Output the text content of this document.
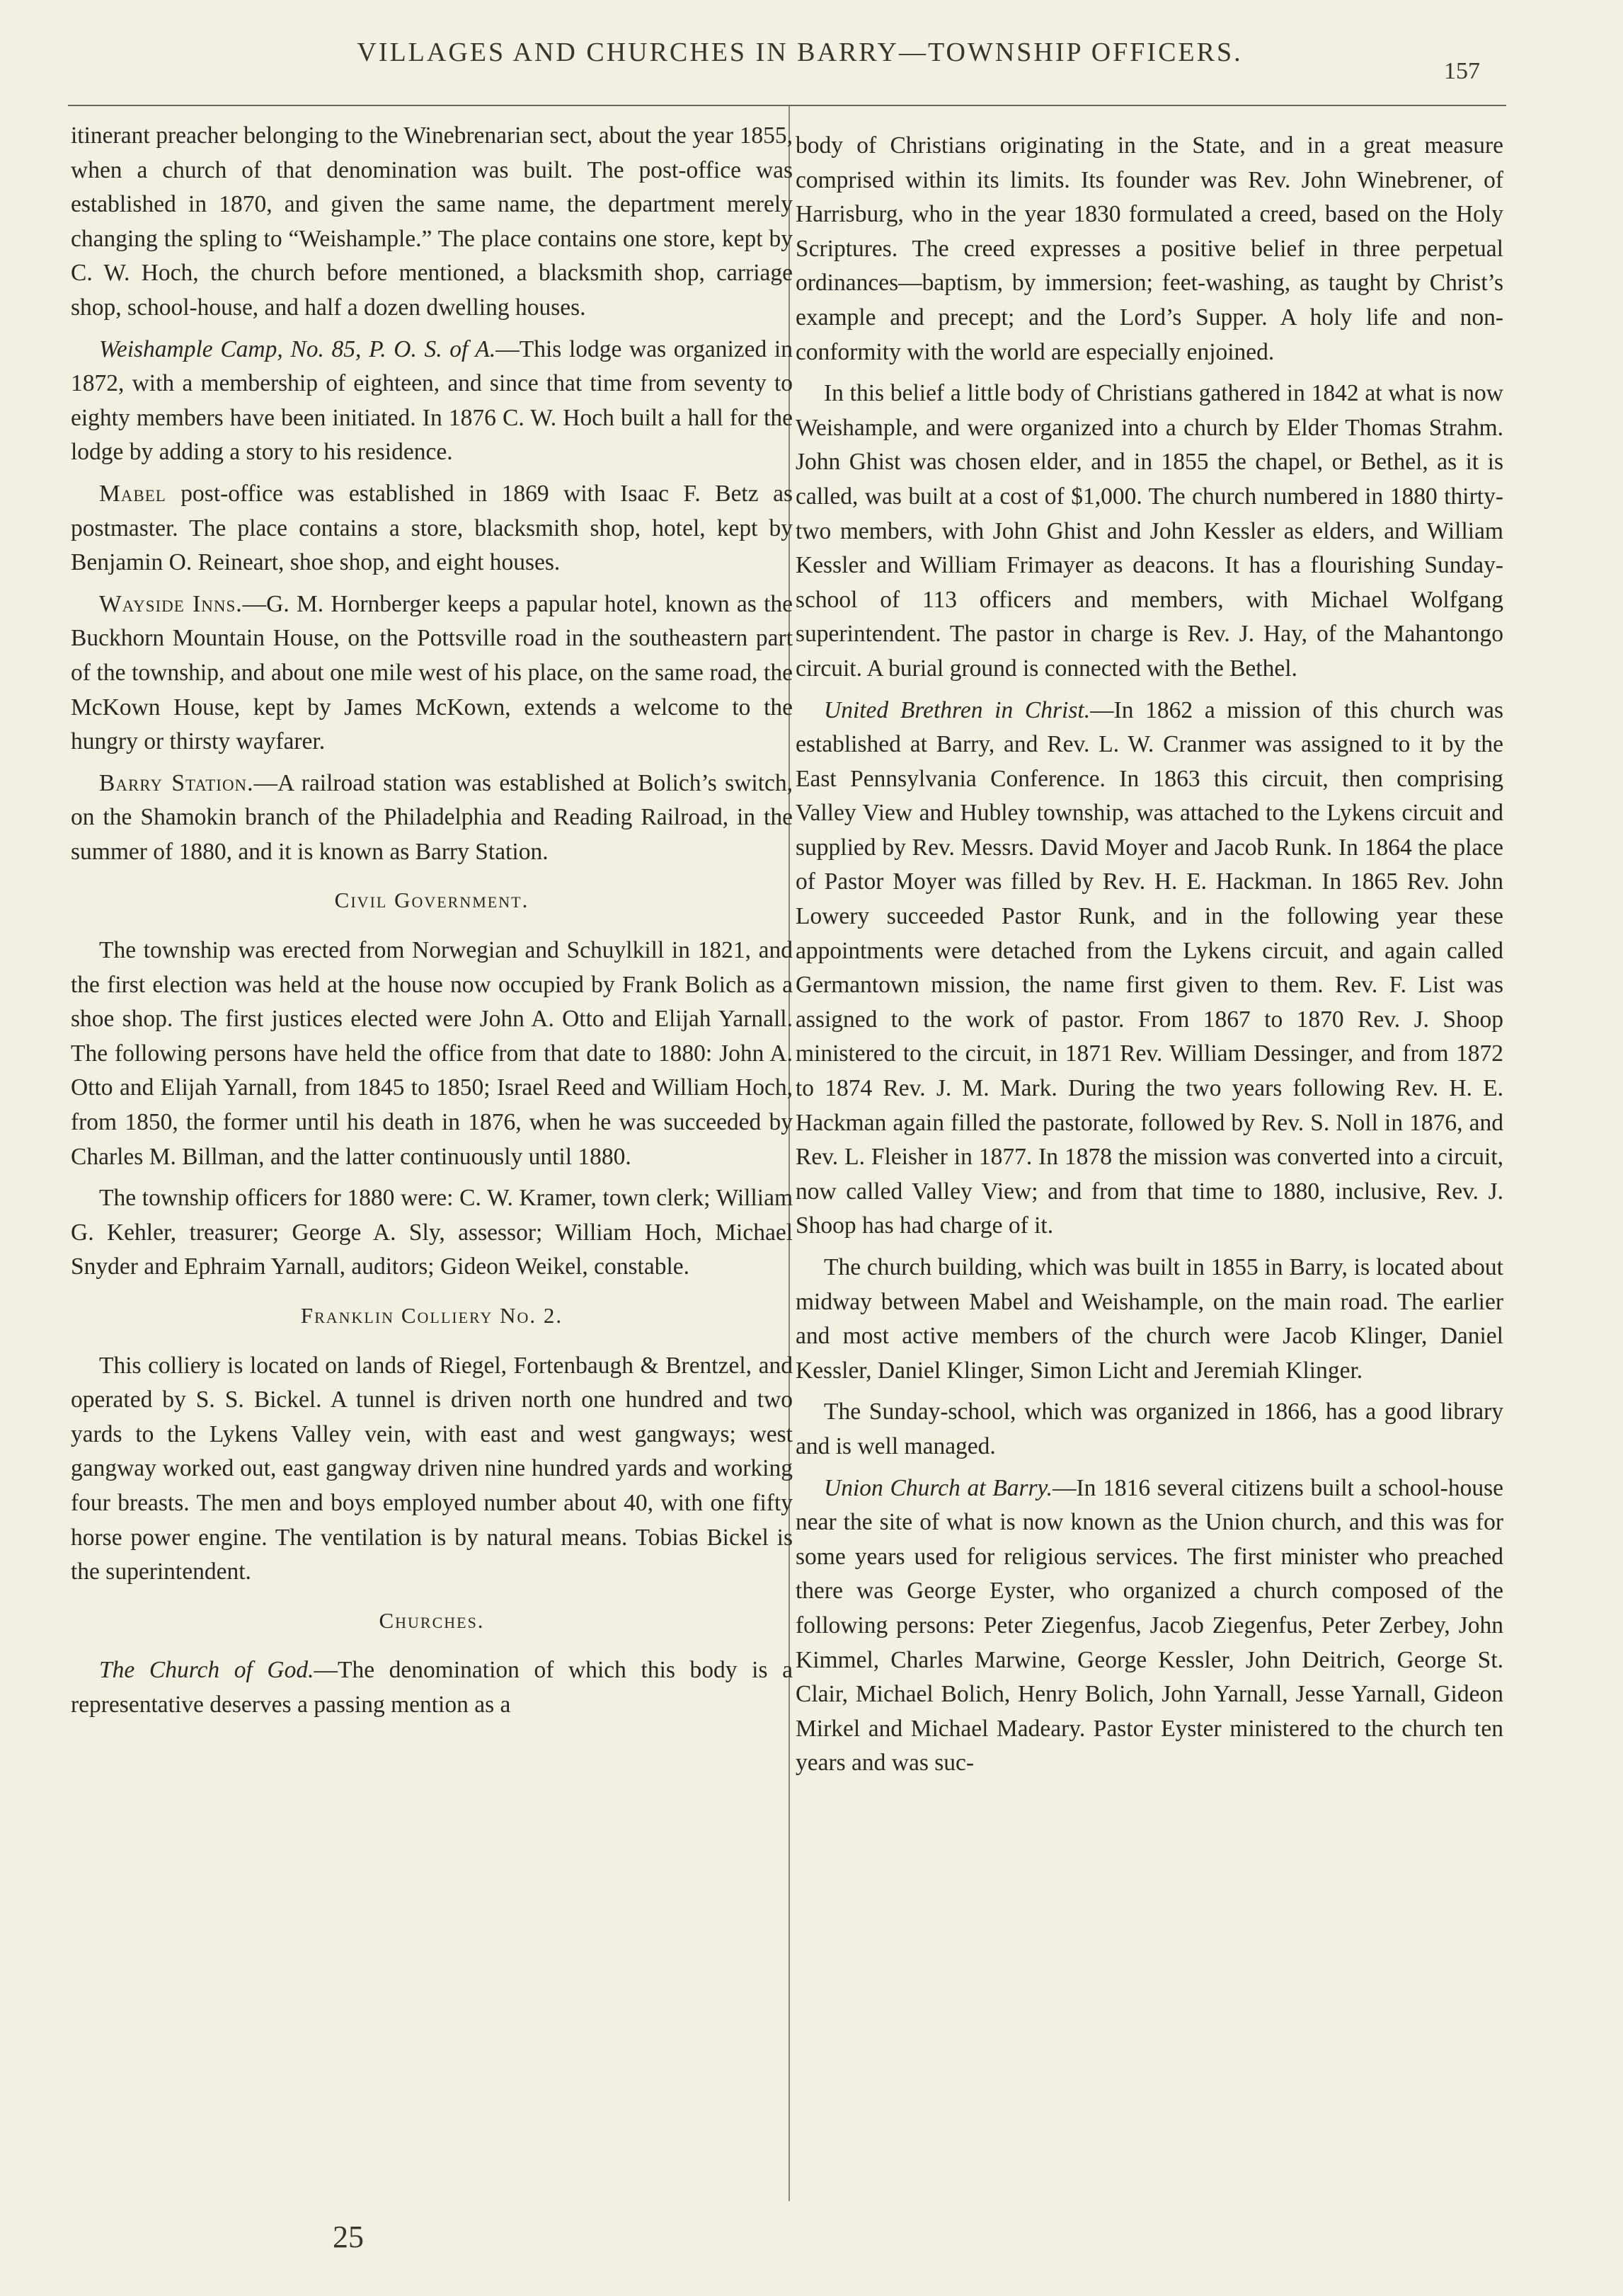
VILLAGES AND CHURCHES IN BARRY—TOWNSHIP OFFICERS.
157

itinerant preacher belonging to the Winebrenarian sect, about the year 1855, when a church of that denomination was built. The post-office was established in 1870, and given the same name, the department merely changing the spling to “Weishample.” The place contains one store, kept by C. W. Hoch, the church before mentioned, a blacksmith shop, carriage shop, school-house, and half a dozen dwelling houses.

Weishample Camp, No. 85, P. O. S. of A.—This lodge was organized in 1872, with a membership of eighteen, and since that time from seventy to eighty members have been initiated. In 1876 C. W. Hoch built a hall for the lodge by adding a story to his residence.

Mabel post-office was established in 1869 with Isaac F. Betz as postmaster. The place contains a store, blacksmith shop, hotel, kept by Benjamin O. Reineart, shoe shop, and eight houses.

Wayside Inns.—G. M. Hornberger keeps a papular hotel, known as the Buckhorn Mountain House, on the Pottsville road in the southeastern part of the township, and about one mile west of his place, on the same road, the McKown House, kept by James McKown, extends a welcome to the hungry or thirsty wayfarer.

Barry Station.—A railroad station was established at Bolich’s switch, on the Shamokin branch of the Philadelphia and Reading Railroad, in the summer of 1880, and it is known as Barry Station.

Civil Government.

The township was erected from Norwegian and Schuylkill in 1821, and the first election was held at the house now occupied by Frank Bolich as a shoe shop. The first justices elected were John A. Otto and Elijah Yarnall. The following persons have held the office from that date to 1880: John A. Otto and Elijah Yarnall, from 1845 to 1850; Israel Reed and William Hoch, from 1850, the former until his death in 1876, when he was succeeded by Charles M. Billman, and the latter continuously until 1880.

The township officers for 1880 were: C. W. Kramer, town clerk; William G. Kehler, treasurer; George A. Sly, assessor; William Hoch, Michael Snyder and Ephraim Yarnall, auditors; Gideon Weikel, constable.

Franklin Colliery No. 2.

This colliery is located on lands of Riegel, Fortenbaugh & Brentzel, and operated by S. S. Bickel. A tunnel is driven north one hundred and two yards to the Lykens Valley vein, with east and west gangways; west gangway worked out, east gangway driven nine hundred yards and working four breasts. The men and boys employed number about 40, with one fifty horse power engine. The ventilation is by natural means. Tobias Bickel is the superintendent.

Churches.

The Church of God.—The denomination of which this body is a representative deserves a passing mention as a

body of Christians originating in the State, and in a great measure comprised within its limits. Its founder was Rev. John Winebrener, of Harrisburg, who in the year 1830 formulated a creed, based on the Holy Scriptures. The creed expresses a positive belief in three perpetual ordinances—baptism, by immersion; feet-washing, as taught by Christ’s example and precept; and the Lord’s Supper. A holy life and non-conformity with the world are especially enjoined.

In this belief a little body of Christians gathered in 1842 at what is now Weishample, and were organized into a church by Elder Thomas Strahm. John Ghist was chosen elder, and in 1855 the chapel, or Bethel, as it is called, was built at a cost of $1,000. The church numbered in 1880 thirty-two members, with John Ghist and John Kessler as elders, and William Kessler and William Frimayer as deacons. It has a flourishing Sunday-school of 113 officers and members, with Michael Wolfgang superintendent. The pastor in charge is Rev. J. Hay, of the Mahantongo circuit. A burial ground is connected with the Bethel.

United Brethren in Christ.—In 1862 a mission of this church was established at Barry, and Rev. L. W. Cranmer was assigned to it by the East Pennsylvania Conference. In 1863 this circuit, then comprising Valley View and Hubley township, was attached to the Lykens circuit and supplied by Rev. Messrs. David Moyer and Jacob Runk. In 1864 the place of Pastor Moyer was filled by Rev. H. E. Hackman. In 1865 Rev. John Lowery succeeded Pastor Runk, and in the following year these appointments were detached from the Lykens circuit, and again called Germantown mission, the name first given to them. Rev. F. List was assigned to the work of pastor. From 1867 to 1870 Rev. J. Shoop ministered to the circuit, in 1871 Rev. William Dessinger, and from 1872 to 1874 Rev. J. M. Mark. During the two years following Rev. H. E. Hackman again filled the pastorate, followed by Rev. S. Noll in 1876, and Rev. L. Fleisher in 1877. In 1878 the mission was converted into a circuit, now called Valley View; and from that time to 1880, inclusive, Rev. J. Shoop has had charge of it.

The church building, which was built in 1855 in Barry, is located about midway between Mabel and Weishample, on the main road. The earlier and most active members of the church were Jacob Klinger, Daniel Kessler, Daniel Klinger, Simon Licht and Jeremiah Klinger.

The Sunday-school, which was organized in 1866, has a good library and is well managed.

Union Church at Barry.—In 1816 several citizens built a school-house near the site of what is now known as the Union church, and this was for some years used for religious services. The first minister who preached there was George Eyster, who organized a church composed of the following persons: Peter Ziegenfus, Jacob Ziegenfus, Peter Zerbey, John Kimmel, Charles Marwine, George Kessler, John Deitrich, George St. Clair, Michael Bolich, Henry Bolich, John Yarnall, Jesse Yarnall, Gideon Mirkel and Michael Madeary. Pastor Eyster ministered to the church ten years and was suc-

25
